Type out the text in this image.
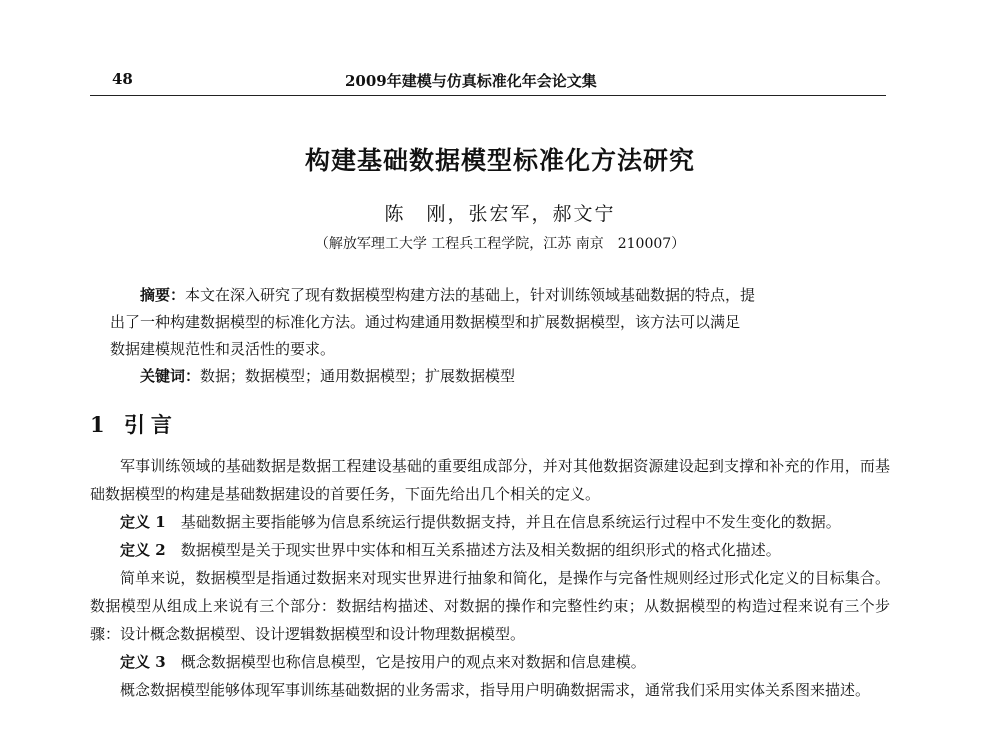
48	2009年建模与仿真标准化年会论文集
构建基础数据模型标准化方法研究
陈　刚，张宏军，郝文宁
（解放军理工大学 工程兵工程学院，江苏 南京　210007）
摘要：本文在深入研究了现有数据模型构建方法的基础上，针对训练领域基础数据的特点，提
出了一种构建数据模型的标准化方法。通过构建通用数据模型和扩展数据模型，该方法可以满足
数据建模规范性和灵活性的要求。
关键词：数据；数据模型；通用数据模型；扩展数据模型
1 引言

军事训练领域的基础数据是数据工程建设基础的重要组成部分，并对其他数据资源建设起到支撑和补充的作用，而基础数据模型的构建是基础数据建设的首要任务，下面先给出几个相关的定义。

定义 1　 基础数据主要指能够为信息系统运行提供数据支持，并且在信息系统运行过程中不发生变化的数据。

定义 2　 数据模型是关于现实世界中实体和相互关系描述方法及相关数据的组织形式的格式化描述。

简单来说，数据模型是指通过数据来对现实世界进行抽象和简化，是操作与完备性规则经过形式化定义的目标集合。数据模型从组成上来说有三个部分：数据结构描述、对数据的操作和完整性约束；从数据模型的构造过程来说有三个步骤：设计概念数据模型、设计逻辑数据模型和设计物理数据模型。

定义 3　 概念数据模型也称信息模型，它是按用户的观点来对数据和信息建模。

概念数据模型能够体现军事训练基础数据的业务需求，指导用户明确数据需求，通常我们采用实体关系图来描述。
